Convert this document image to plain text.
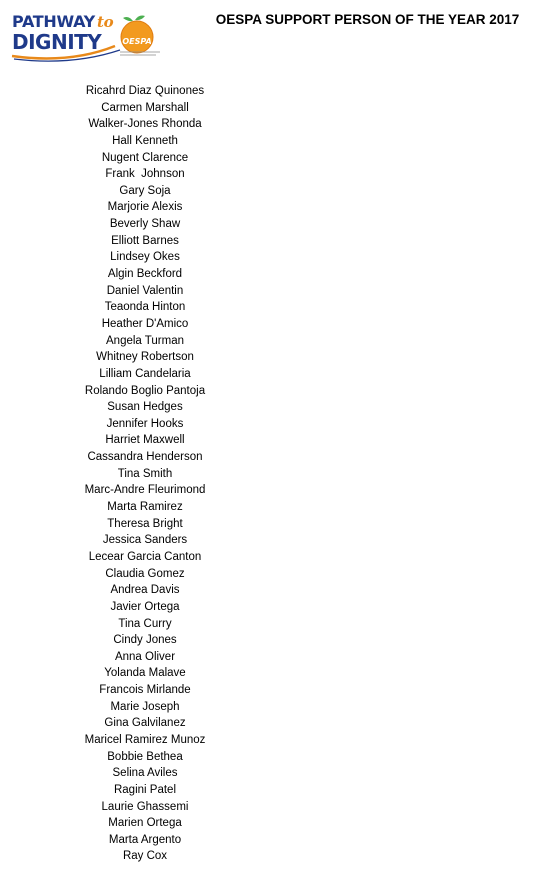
PATHWAY to
DIGNITY	OESPA
OESPA SUPPORT PERSON OF THE YEAR 2017
Ricahrd Diaz Quinones
Carmen Marshall
Walker-Jones Rhonda
Hall Kenneth
Nugent Clarence
Frank  Johnson
Gary Soja
Marjorie Alexis
Beverly Shaw
Elliott Barnes
Lindsey Okes
Algin Beckford
Daniel Valentin
Teaonda Hinton
Heather D'Amico
Angela Turman
Whitney Robertson
Lilliam Candelaria
Rolando Boglio Pantoja
Susan Hedges
Jennifer Hooks
Harriet Maxwell
Cassandra Henderson
Tina Smith
Marc-Andre Fleurimond
Marta Ramirez
Theresa Bright
Jessica Sanders
Lecear Garcia Canton
Claudia Gomez
Andrea Davis
Javier Ortega
Tina Curry
Cindy Jones
Anna Oliver
Yolanda Malave
Francois Mirlande
Marie Joseph
Gina Galvilanez
Maricel Ramirez Munoz
Bobbie Bethea
Selina Aviles
Ragini Patel
Laurie Ghassemi
Marien Ortega
Marta Argento
Ray Cox
